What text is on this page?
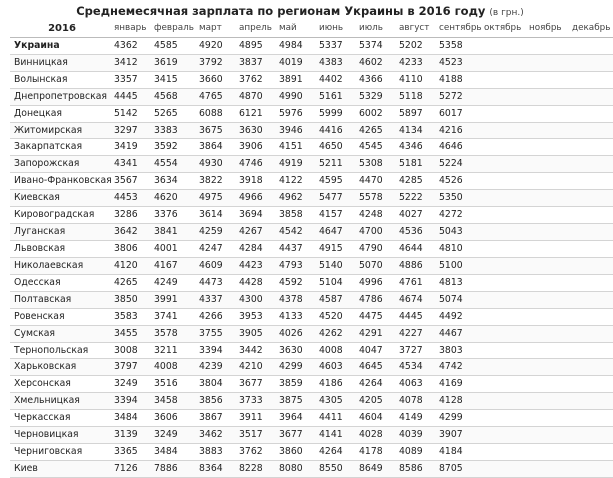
Среднемесячная зарплата по регионам Украины в 2016 году (в грн.)
2016	январь	февраль	март	апрель	май	июнь	июль	август	сентябрь	октябрь	ноябрь	декабрь
Украина	4362	4585	4920	4895	4984	5337	5374	5202	5358			
Винницкая	3412	3619	3792	3837	4019	4383	4602	4233	4523			
Волынская	3357	3415	3660	3762	3891	4402	4366	4110	4188			
Днепропетровская	4445	4568	4765	4870	4990	5161	5329	5118	5272			
Донецкая	5142	5265	6088	6121	5976	5999	6002	5897	6017			
Житомирская	3297	3383	3675	3630	3946	4416	4265	4134	4216			
Закарпатская	3419	3592	3864	3906	4151	4650	4545	4346	4646			
Запорожская	4341	4554	4930	4746	4919	5211	5308	5181	5224			
Ивано-Франковская	3567	3634	3822	3918	4122	4595	4470	4285	4526			
Киевская	4453	4620	4975	4966	4962	5477	5578	5222	5350			
Кировоградская	3286	3376	3614	3694	3858	4157	4248	4027	4272			
Луганская	3642	3841	4259	4267	4542	4647	4700	4536	5043			
Львовская	3806	4001	4247	4284	4437	4915	4790	4644	4810			
Николаевская	4120	4167	4609	4423	4793	5140	5070	4886	5100			
Одесская	4265	4249	4473	4428	4592	5104	4996	4761	4813			
Полтавская	3850	3991	4337	4300	4378	4587	4786	4674	5074			
Ровенская	3583	3741	4266	3953	4133	4520	4475	4445	4492			
Сумская	3455	3578	3755	3905	4026	4262	4291	4227	4467			
Тернопольская	3008	3211	3394	3442	3630	4008	4047	3727	3803			
Харьковская	3797	4008	4239	4210	4299	4603	4645	4534	4742			
Херсонская	3249	3516	3804	3677	3859	4186	4264	4063	4169			
Хмельницкая	3394	3458	3856	3733	3875	4305	4205	4078	4128			
Черкасская	3484	3606	3867	3911	3964	4411	4604	4149	4299			
Черновицкая	3139	3249	3462	3517	3677	4141	4028	4039	3907			
Черниговская	3365	3484	3883	3762	3860	4264	4178	4089	4184			
Киев	7126	7886	8364	8228	8080	8550	8649	8586	8705			
